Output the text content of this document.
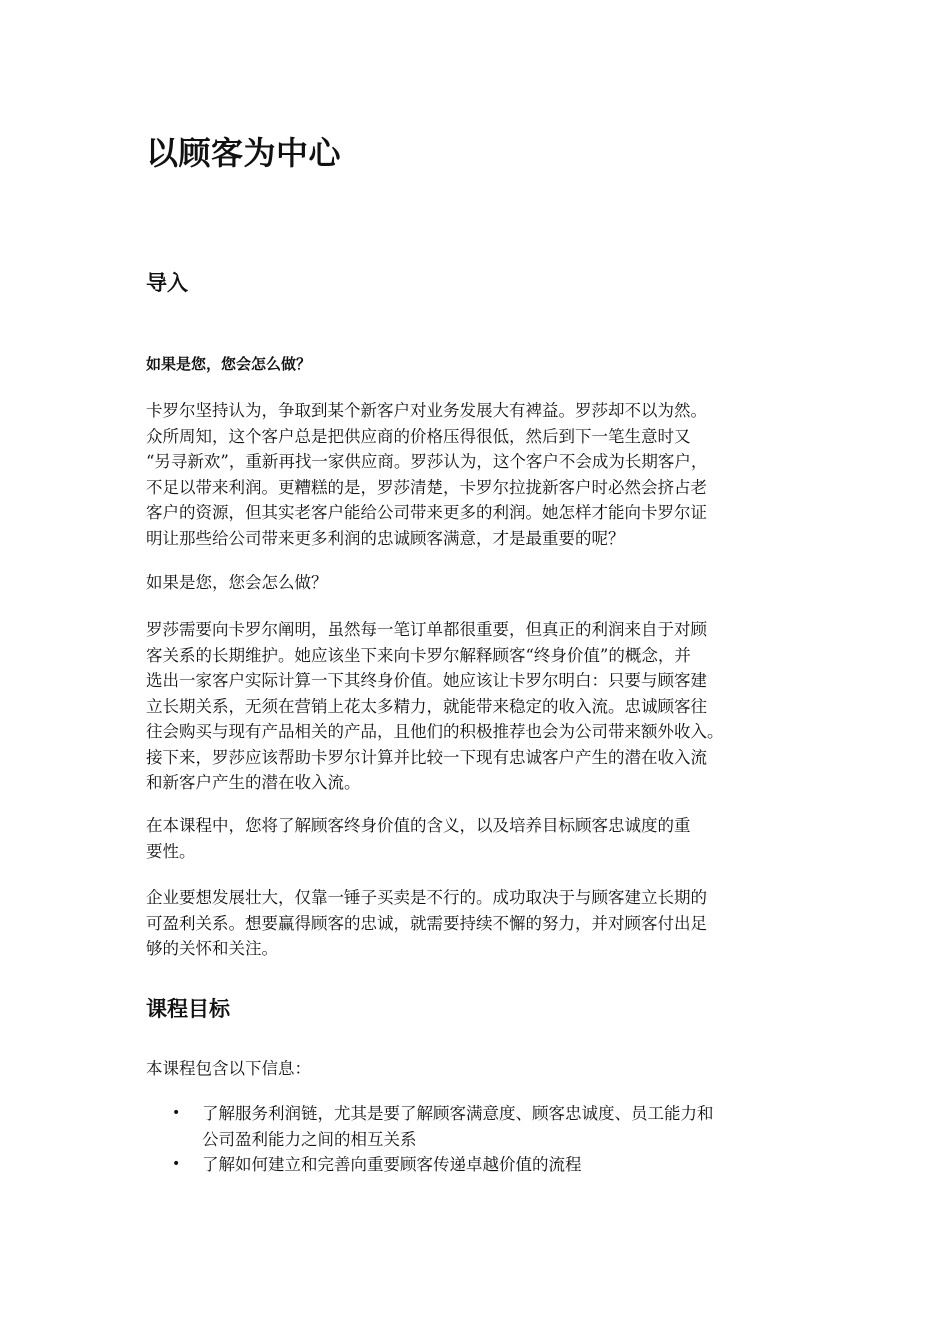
以顾客为中心
导入
如果是您，您会怎么做？

卡罗尔坚持认为，争取到某个新客户对业务发展大有裨益。罗莎却不以为然。
众所周知，这个客户总是把供应商的价格压得很低，然后到下一笔生意时又
“另寻新欢”，重新再找一家供应商。罗莎认为，这个客户不会成为长期客户，
不足以带来利润。更糟糕的是，罗莎清楚，卡罗尔拉拢新客户时必然会挤占老
客户的资源，但其实老客户能给公司带来更多的利润。她怎样才能向卡罗尔证
明让那些给公司带来更多利润的忠诚顾客满意，才是最重要的呢？

如果是您，您会怎么做？

罗莎需要向卡罗尔阐明，虽然每一笔订单都很重要，但真正的利润来自于对顾
客关系的长期维护。她应该坐下来向卡罗尔解释顾客“终身价值”的概念，并
选出一家客户实际计算一下其终身价值。她应该让卡罗尔明白：只要与顾客建
立长期关系，无须在营销上花太多精力，就能带来稳定的收入流。忠诚顾客往
往会购买与现有产品相关的产品，且他们的积极推荐也会为公司带来额外收入。
接下来，罗莎应该帮助卡罗尔计算并比较一下现有忠诚客户产生的潜在收入流
和新客户产生的潜在收入流。

在本课程中，您将了解顾客终身价值的含义，以及培养目标顾客忠诚度的重
要性。

企业要想发展壮大，仅靠一锤子买卖是不行的。成功取决于与顾客建立长期的
可盈利关系。想要赢得顾客的忠诚，就需要持续不懈的努力，并对顾客付出足
够的关怀和关注。

课程目标

本课程包含以下信息：

• 了解服务利润链，尤其是要了解顾客满意度、顾客忠诚度、员工能力和
公司盈利能力之间的相互关系
• 了解如何建立和完善向重要顾客传递卓越价值的流程
